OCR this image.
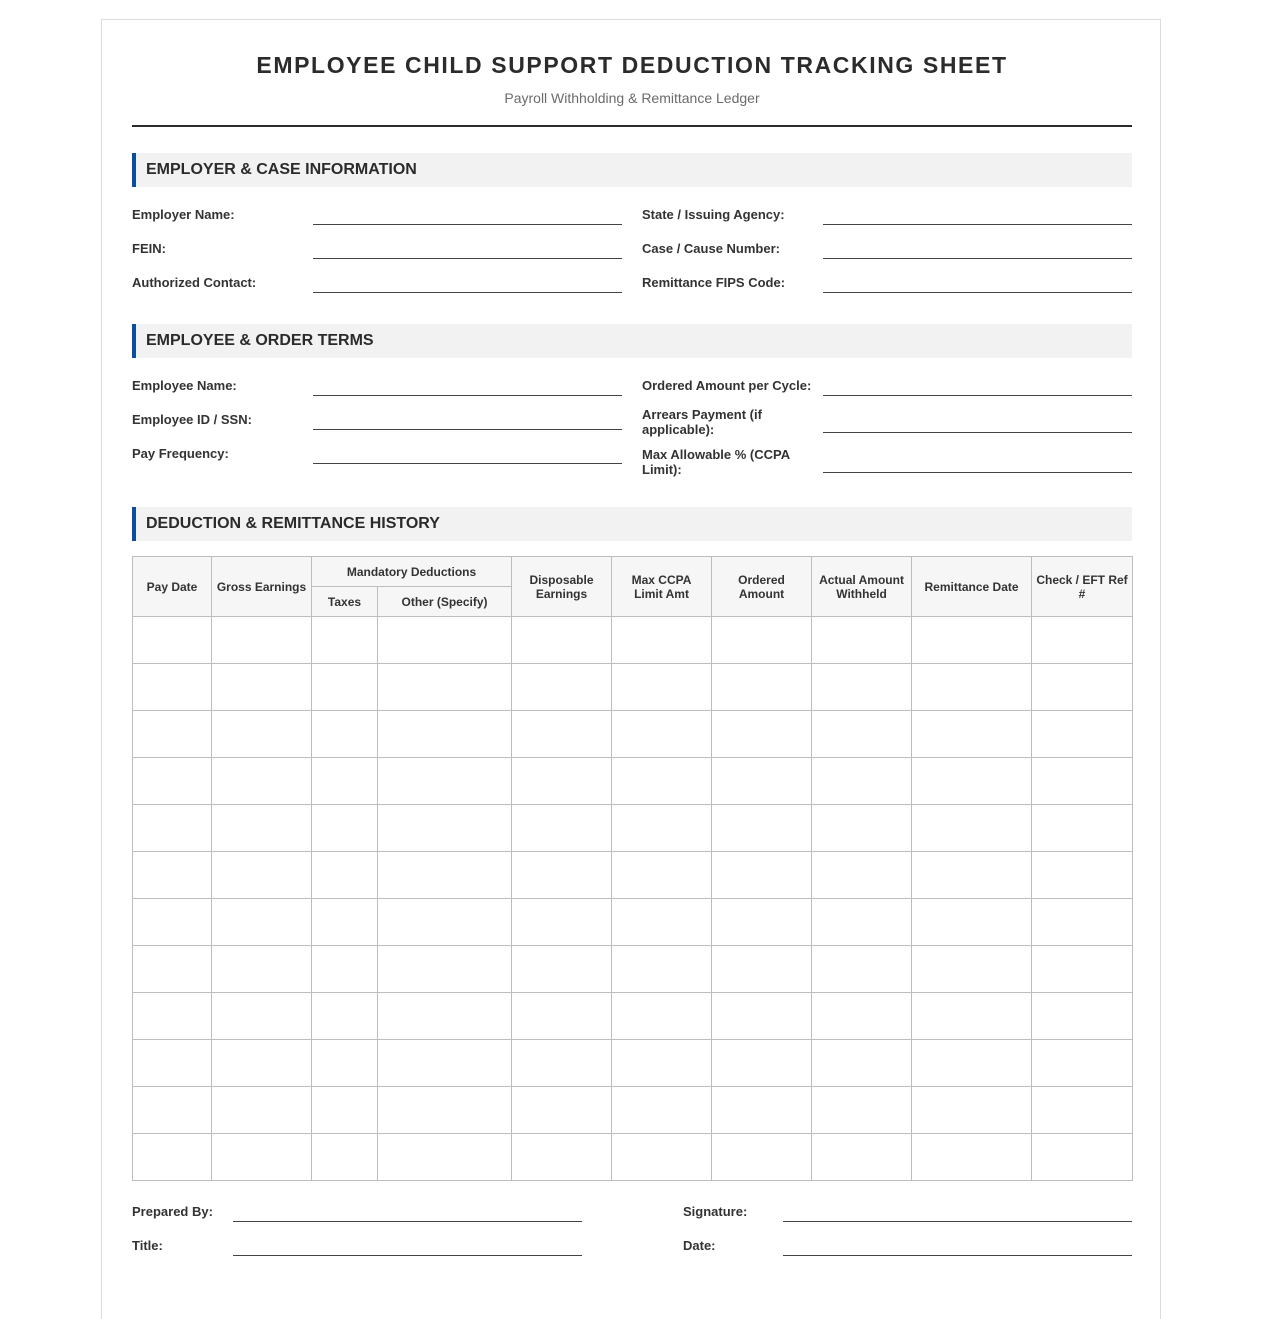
EMPLOYEE CHILD SUPPORT DEDUCTION TRACKING SHEET
Payroll Withholding & Remittance Ledger
EMPLOYER & CASE INFORMATION
Employer Name:
FEIN:
Authorized Contact:
State / Issuing Agency:
Case / Cause Number:
Remittance FIPS Code:
EMPLOYEE & ORDER TERMS
Employee Name:
Employee ID / SSN:
Pay Frequency:
Ordered Amount per Cycle:
Arrears Payment (if applicable):
Max Allowable % (CCPA Limit):
DEDUCTION & REMITTANCE HISTORY
Pay Date	Gross Earnings	Mandatory Deductions		Disposable Earnings	Max CCPA Limit Amt	Ordered Amount	Actual Amount Withheld	Remittance Date	Check / EFT Ref #
		Taxes	Other (Specify)						

Prepared By:
Title:
Signature:
Date:
